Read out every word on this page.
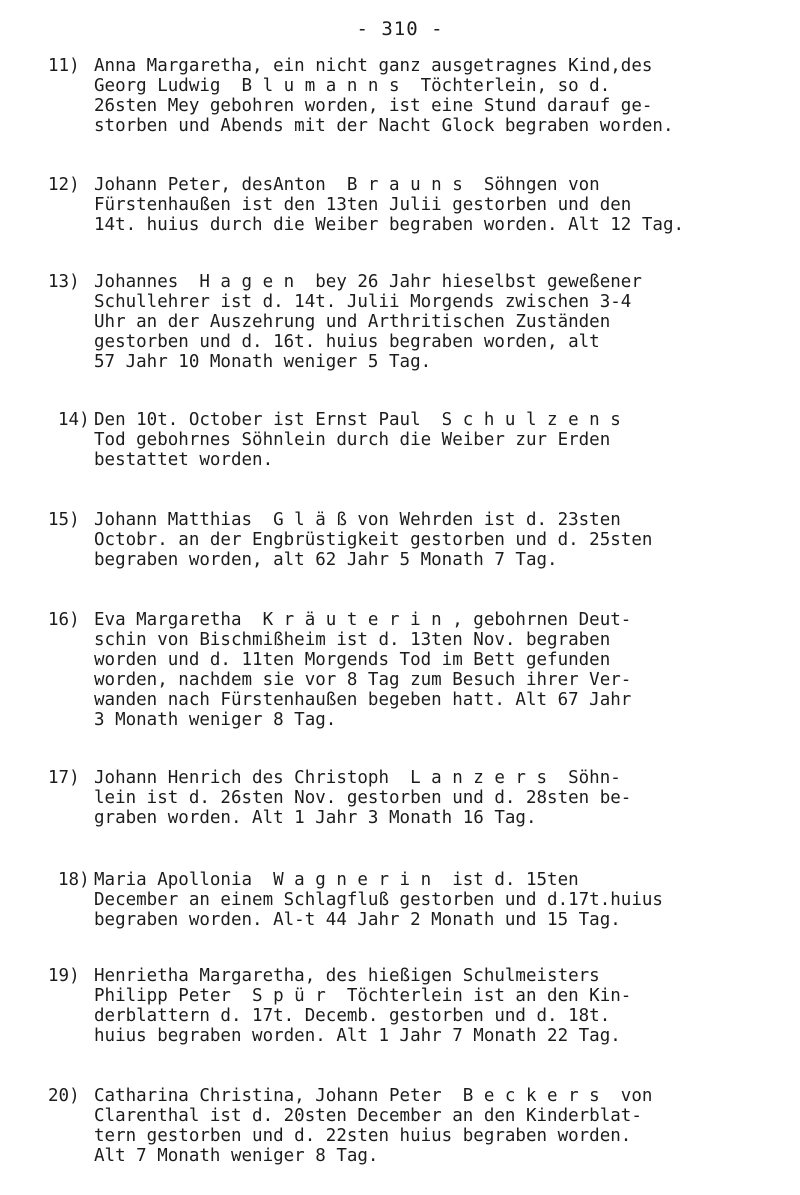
- 310 -
11) Anna Margaretha, ein nicht ganz ausgetragnes Kind,des
Georg Ludwig  B l u m a n n s  Töchterlein, so d.
26sten Mey gebohren worden, ist eine Stund darauf ge-
storben und Abends mit der Nacht Glock begraben worden.
12) Johann Peter, desAnton  B r a u n s  Söhngen von
Fürstenhaußen ist den 13ten Julii gestorben und den
14t. huius durch die Weiber begraben worden. Alt 12 Tag.
13) Johannes  H a g e n  bey 26 Jahr hieselbst geweßener
Schullehrer ist d. 14t. Julii Morgends zwischen 3-4
Uhr an der Auszehrung und Arthritischen Zuständen
gestorben und d. 16t. huius begraben worden, alt
57 Jahr 10 Monath weniger 5 Tag.
14) Den 10t. October ist Ernst Paul  S c h u l z e n s
Tod gebohrnes Söhnlein durch die Weiber zur Erden
bestattet worden.
15) Johann Matthias  G l ä ß von Wehrden ist d. 23sten
Octobr. an der Engbrüstigkeit gestorben und d. 25sten
begraben worden, alt 62 Jahr 5 Monath 7 Tag.
16) Eva Margaretha  K r ä u t e r i n , gebohrnen Deut-
schin von Bischmißheim ist d. 13ten Nov. begraben
worden und d. 11ten Morgends Tod im Bett gefunden
worden, nachdem sie vor 8 Tag zum Besuch ihrer Ver-
wanden nach Fürstenhaußen begeben hatt. Alt 67 Jahr
3 Monath weniger 8 Tag.
17) Johann Henrich des Christoph  L a n z e r s  Söhn-
lein ist d. 26sten Nov. gestorben und d. 28sten be-
graben worden. Alt 1 Jahr 3 Monath 16 Tag.
18) Maria Apollonia  W a g n e r i n  ist d. 15ten
December an einem Schlagfluß gestorben und d.17t.huius
begraben worden. Al-t 44 Jahr 2 Monath und 15 Tag.
19) Henrietha Margaretha, des hießigen Schulmeisters
Philipp Peter  S p ü r  Töchterlein ist an den Kin-
derblattern d. 17t. Decemb. gestorben und d. 18t.
huius begraben worden. Alt 1 Jahr 7 Monath 22 Tag.
20) Catharina Christina, Johann Peter  B e c k e r s  von
Clarenthal ist d. 20sten December an den Kinderblat-
tern gestorben und d. 22sten huius begraben worden.
Alt 7 Monath weniger 8 Tag.
